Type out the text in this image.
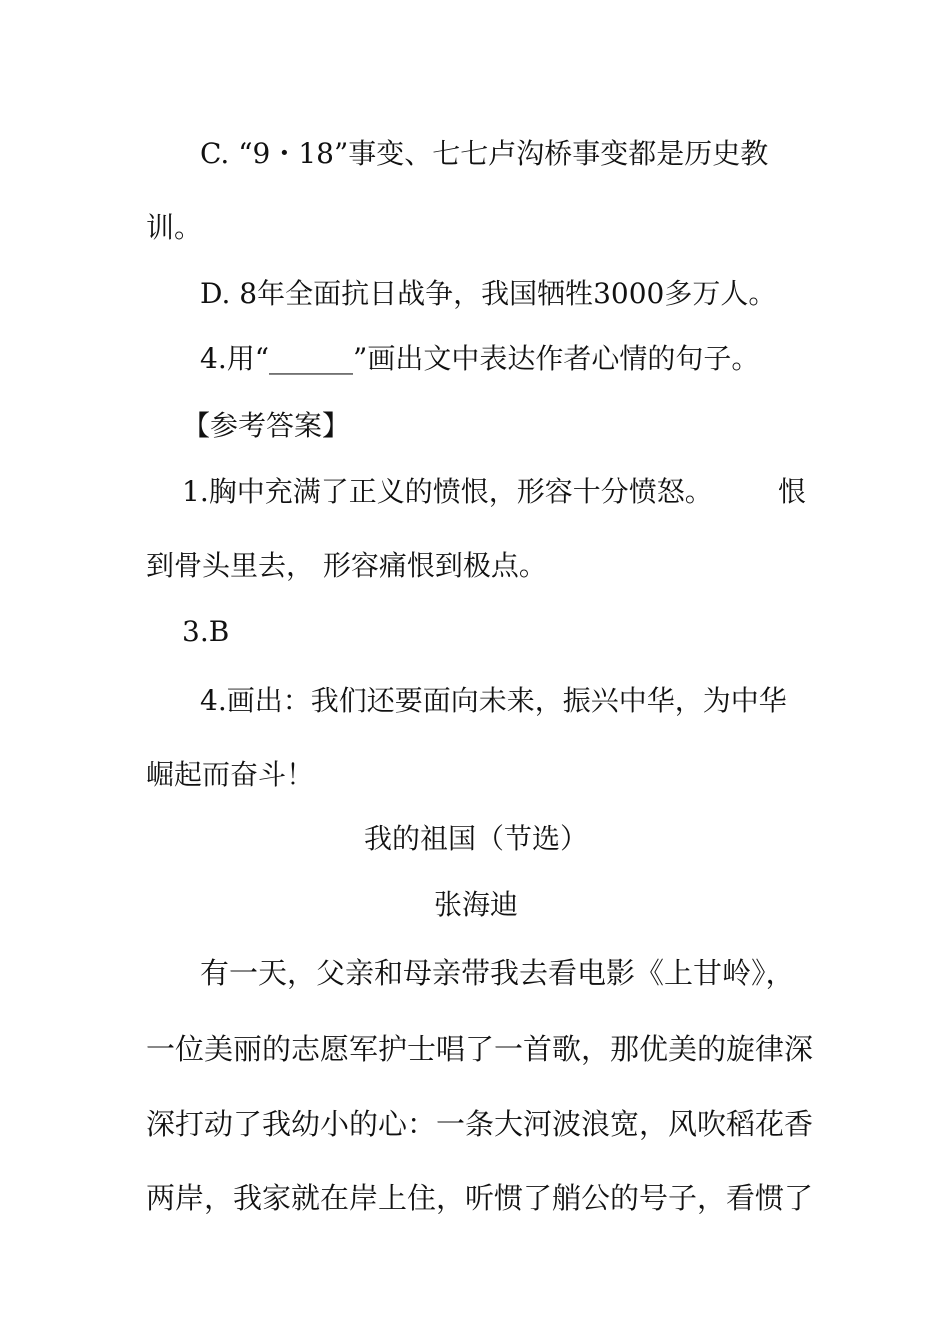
C. “9・18”事变、七七卢沟桥事变都是历史教
训。
D. 8年全面抗日战争，我国牺牲3000多万人。
4.用“______”画出文中表达作者心情的句子。
【参考答案】
1.胸中充满了正义的愤恨，形容十分愤怒。 恨
到骨头里去， 形容痛恨到极点。
3.B
4.画出：我们还要面向未来，振兴中华，为中华
崛起而奋斗！
我的祖国（节选）
张海迪
有一天，父亲和母亲带我去看电影《上甘岭》，
一位美丽的志愿军护士唱了一首歌，那优美的旋律深
深打动了我幼小的心：一条大河波浪宽，风吹稻花香
两岸，我家就在岸上住，听惯了艄公的号子，看惯了
